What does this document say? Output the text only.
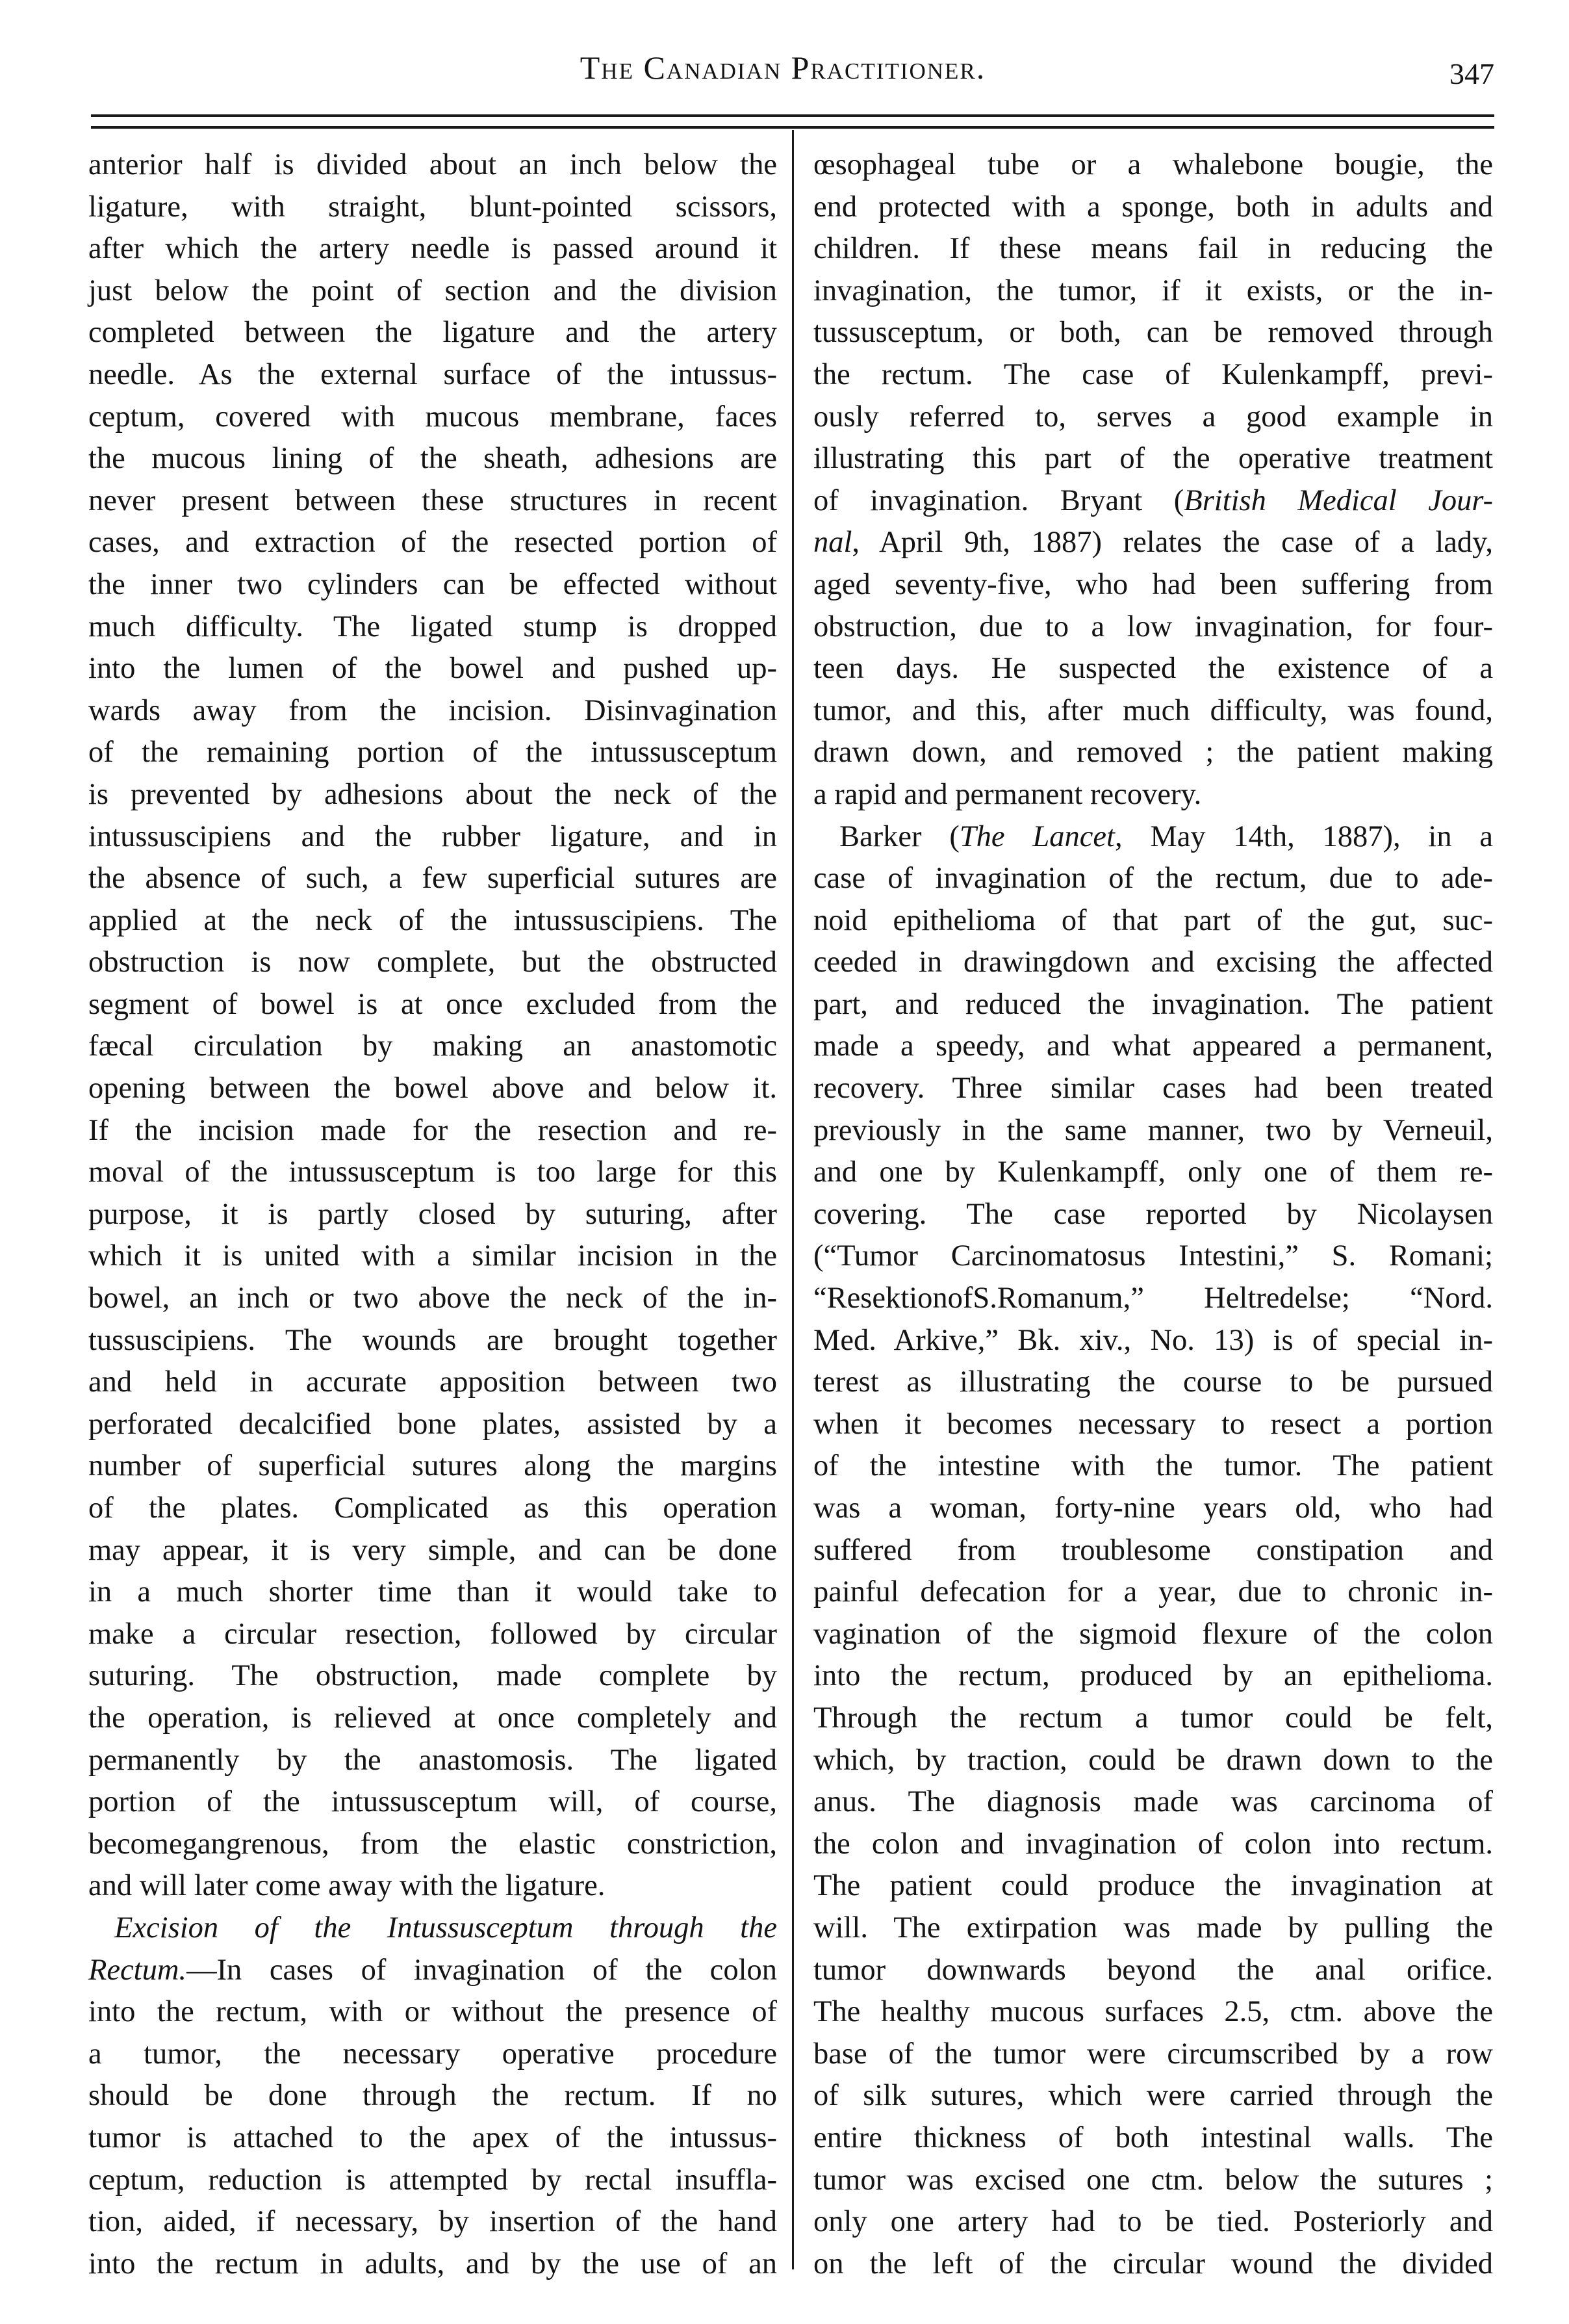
The Canadian Practitioner.	347
anterior half is divided about an inch below the
ligature, with straight, blunt-pointed scissors,
after which the artery needle is passed around it
just below the point of section and the division
completed between the ligature and the artery
needle. As the external surface of the intussus-
ceptum, covered with mucous membrane, faces
the mucous lining of the sheath, adhesions are
never present between these structures in recent
cases, and extraction of the resected portion of
the inner two cylinders can be effected without
much difficulty. The ligated stump is dropped
into the lumen of the bowel and pushed up-
wards away from the incision. Disinvagination
of the remaining portion of the intussusceptum
is prevented by adhesions about the neck of the
intussuscipiens and the rubber ligature, and in
the absence of such, a few superficial sutures are
applied at the neck of the intussuscipiens. The
obstruction is now complete, but the obstructed
segment of bowel is at once excluded from the
fæcal circulation by making an anastomotic
opening between the bowel above and below it.
If the incision made for the resection and re-
moval of the intussusceptum is too large for this
purpose, it is partly closed by suturing, after
which it is united with a similar incision in the
bowel, an inch or two above the neck of the in-
tussuscipiens. The wounds are brought together
and held in accurate apposition between two
perforated decalcified bone plates, assisted by a
number of superficial sutures along the margins
of the plates. Complicated as this operation
may appear, it is very simple, and can be done
in a much shorter time than it would take to
make a circular resection, followed by circular
suturing. The obstruction, made complete by
the operation, is relieved at once completely and
permanently by the anastomosis. The ligated
portion of the intussusceptum will, of course,
becomegangrenous, from the elastic constriction,
and will later come away with the ligature.
Excision of the Intussusceptum through the
Rectum.—In cases of invagination of the colon
into the rectum, with or without the presence of
a tumor, the necessary operative procedure
should be done through the rectum. If no
tumor is attached to the apex of the intussus-
ceptum, reduction is attempted by rectal insuffla-
tion, aided, if necessary, by insertion of the hand
into the rectum in adults, and by the use of an
œsophageal tube or a whalebone bougie, the
end protected with a sponge, both in adults and
children. If these means fail in reducing the
invagination, the tumor, if it exists, or the in-
tussusceptum, or both, can be removed through
the rectum. The case of Kulenkampff, previ-
ously referred to, serves a good example in
illustrating this part of the operative treatment
of invagination. Bryant (British Medical Jour-
nal, April 9th, 1887) relates the case of a lady,
aged seventy-five, who had been suffering from
obstruction, due to a low invagination, for four-
teen days. He suspected the existence of a
tumor, and this, after much difficulty, was found,
drawn down, and removed ; the patient making
a rapid and permanent recovery.
Barker (The Lancet, May 14th, 1887), in a
case of invagination of the rectum, due to ade-
noid epithelioma of that part of the gut, suc-
ceeded in drawingdown and excising the affected
part, and reduced the invagination. The patient
made a speedy, and what appeared a permanent,
recovery. Three similar cases had been treated
previously in the same manner, two by Verneuil,
and one by Kulenkampff, only one of them re-
covering. The case reported by Nicolaysen
(“Tumor Carcinomatosus Intestini,” S. Romani;
“ResektionofS.Romanum,” Heltredelse; “Nord.
Med. Arkive,” Bk. xiv., No. 13) is of special in-
terest as illustrating the course to be pursued
when it becomes necessary to resect a portion
of the intestine with the tumor. The patient
was a woman, forty-nine years old, who had
suffered from troublesome constipation and
painful defecation for a year, due to chronic in-
vagination of the sigmoid flexure of the colon
into the rectum, produced by an epithelioma.
Through the rectum a tumor could be felt,
which, by traction, could be drawn down to the
anus. The diagnosis made was carcinoma of
the colon and invagination of colon into rectum.
The patient could produce the invagination at
will. The extirpation was made by pulling the
tumor downwards beyond the anal orifice.
The healthy mucous surfaces 2.5, ctm. above the
base of the tumor were circumscribed by a row
of silk sutures, which were carried through the
entire thickness of both intestinal walls. The
tumor was excised one ctm. below the sutures ;
only one artery had to be tied. Posteriorly and
on the left of the circular wound the divided
